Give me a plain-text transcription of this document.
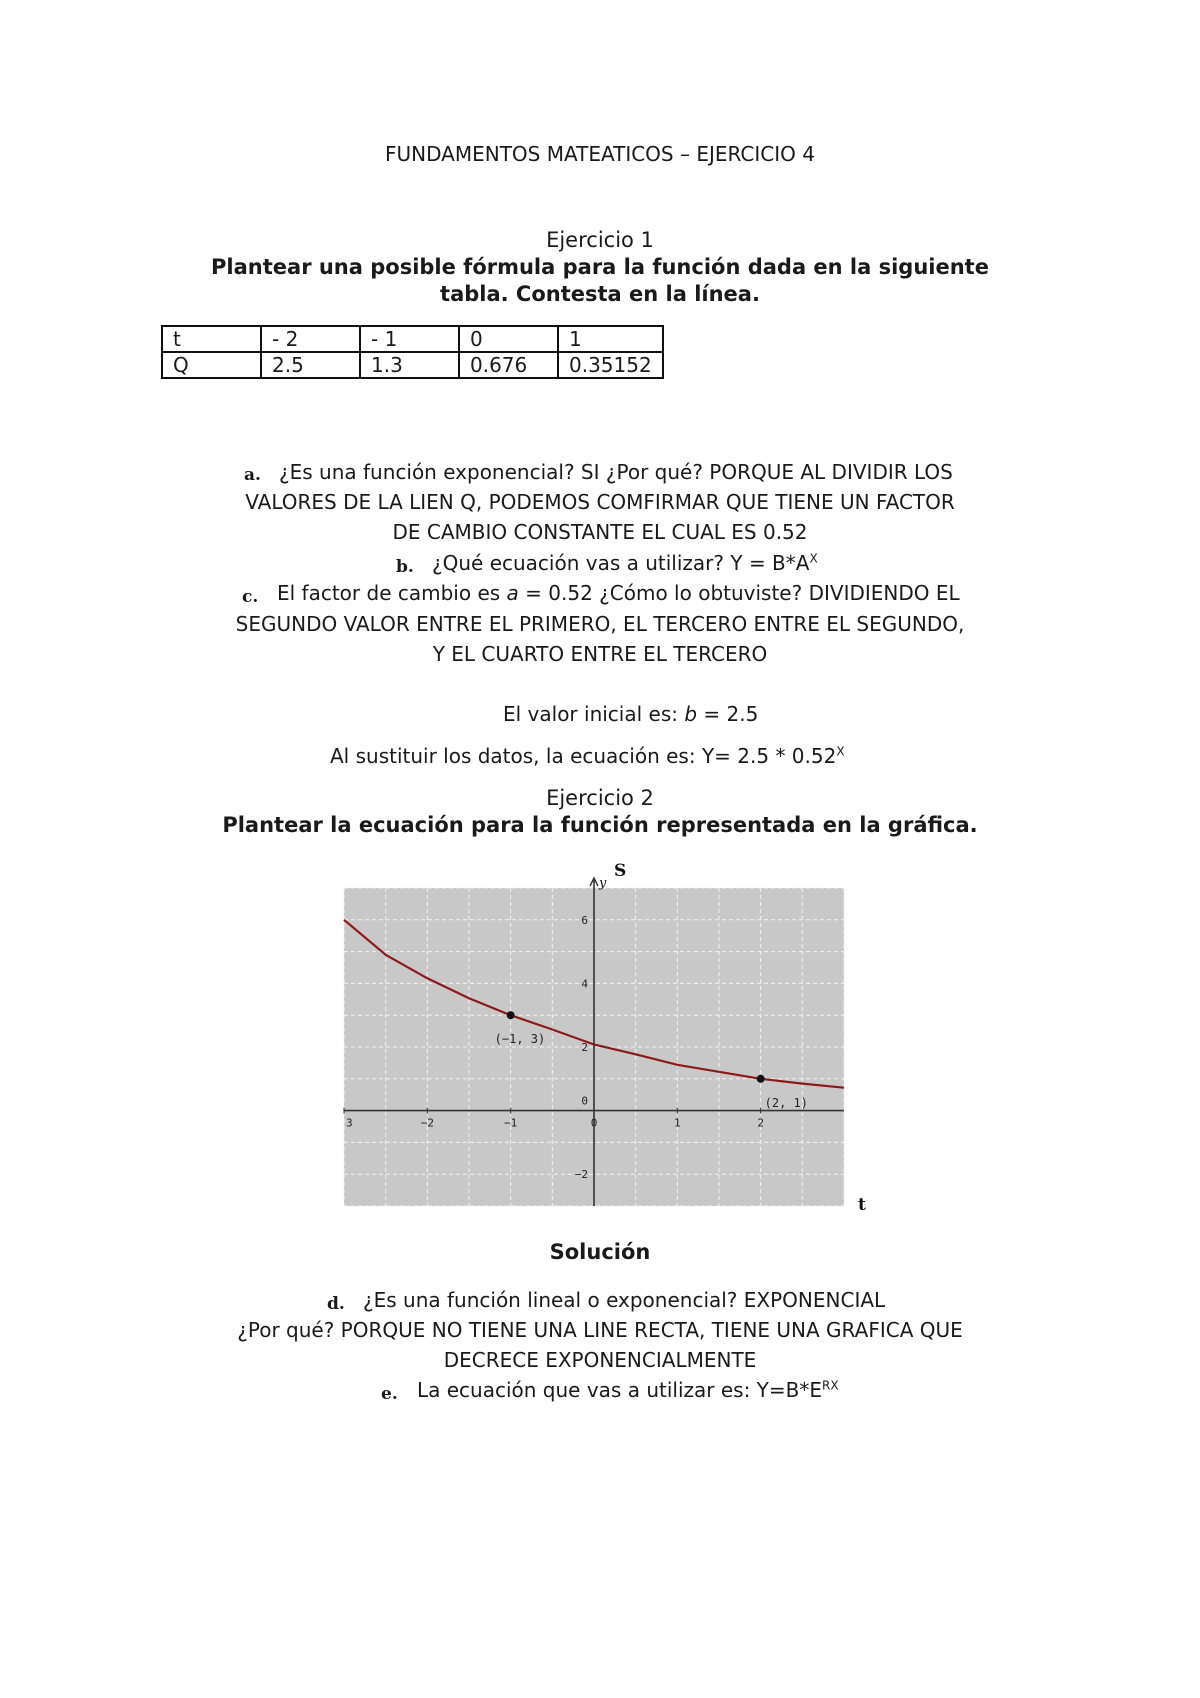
FUNDAMENTOS MATEATICOS – EJERCICIO 4
Ejercicio 1
Plantear una posible fórmula para la función dada en la siguiente
tabla. Contesta en la línea.
t	- 2	- 1	0	1
Q	2.5	1.3	0.676	0.35152
a. ¿Es una función exponencial? SI ¿Por qué? PORQUE AL DIVIDIR LOS
VALORES DE LA LIEN Q, PODEMOS COMFIRMAR QUE TIENE UN FACTOR
DE CAMBIO CONSTANTE EL CUAL ES 0.52
b. ¿Qué ecuación vas a utilizar? $Y = B*A^X$
c. El factor de cambio es a = 0.52 ¿Cómo lo obtuviste? DIVIDIENDO EL
SEGUNDO VALOR ENTRE EL PRIMERO, EL TERCERO ENTRE EL SEGUNDO,
Y EL CUARTO ENTRE EL TERCERO
El valor inicial es: b = 2.5
Al sustituir los datos, la ecuación es: $Y= 2.5 * 0.52^X$
Ejercicio 2
Plantear la ecuación para la función representada en la gráfica.
3	−2	−1	0	1	2
6
4
2
0
−2
(−1, 3)
(2, 1)
S
y
t
Solución
d. ¿Es una función lineal o exponencial? EXPONENCIAL
¿Por qué? PORQUE NO TIENE UNA LINE RECTA, TIENE UNA GRAFICA QUE
DECRECE EXPONENCIALMENTE
e. La ecuación que vas a utilizar es: $Y=B*E^{RX}$
